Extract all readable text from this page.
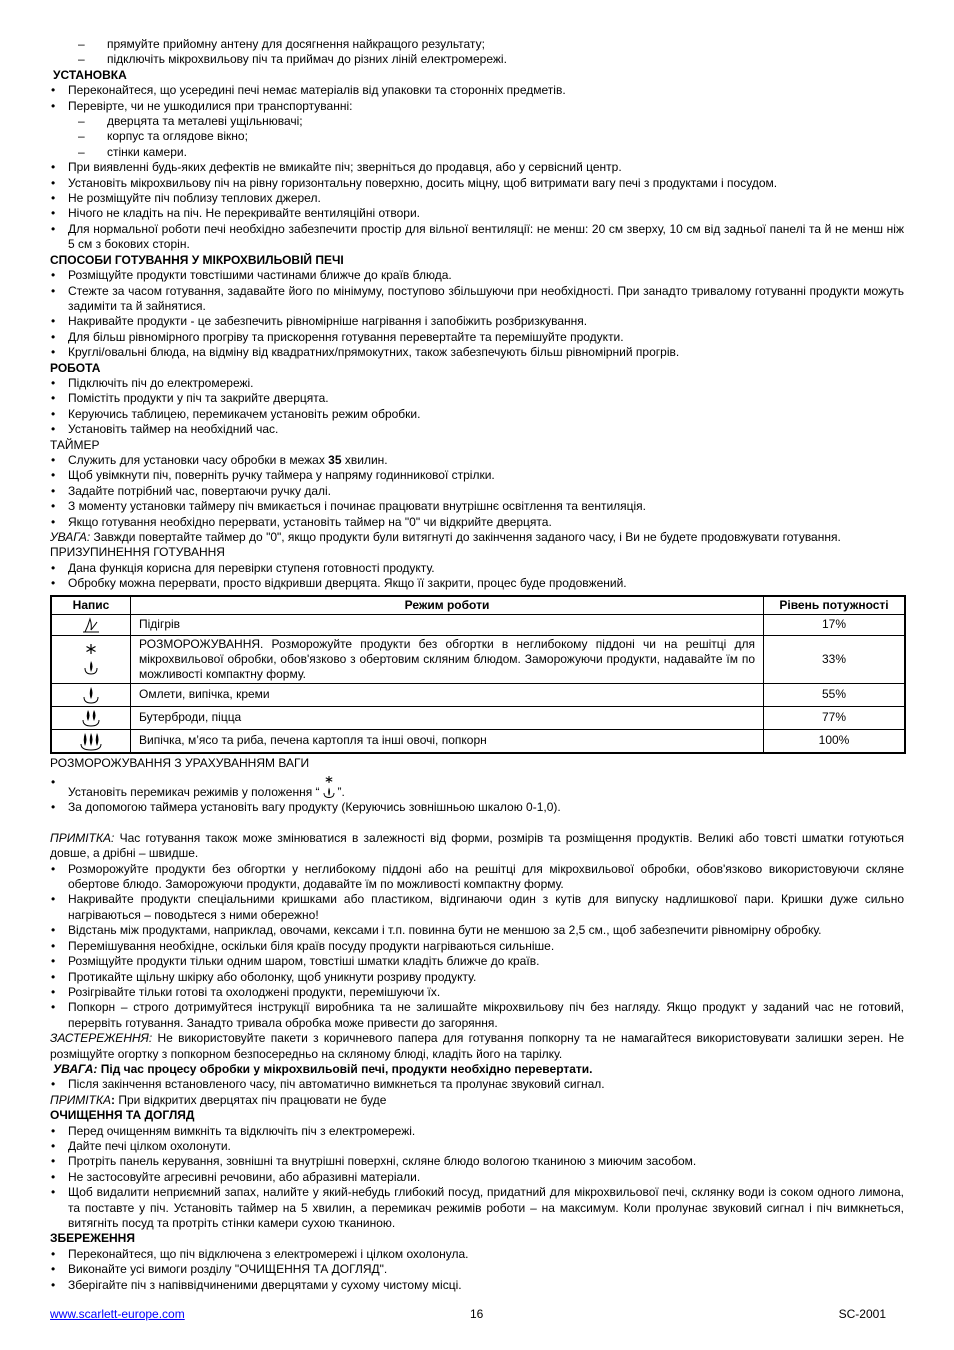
– прямуйте прийомну антену для досягнення найкращого результату;
– підключіть мікрохвильову піч та приймач до різних ліній електромережі.
УСТАНОВКА
• Переконайтеся, що усередині печі немає матеріалів від упаковки та сторонніх предметів.
• Перевірте, чи не ушкодилися при транспортуванні:
– дверцята та металеві ущільнювачі;
– корпус та оглядове вікно;
– стінки камери.
• При виявленні будь-яких дефектів не вмикайте піч; зверніться до продавця, або у сервісний центр.
• Установіть мікрохвильову піч на рівну горизонтальну поверхню, досить міцну, щоб витримати вагу печі з продуктами і посудом.
• Не розміщуйте піч поблизу теплових джерел.
• Нічого не кладіть на піч. Не перекривайте вентиляційні отвори.
• Для нормальної роботи печі необхідно забезпечити простір для вільної вентиляції: не менш: 20 см зверху, 10 см від задньої панелі та й не менш ніж 5 см з бокових сторін.
СПОСОБИ ГОТУВАННЯ У МІКРОХВИЛЬОВІЙ ПЕЧІ
• Розміщуйте продукти товстішими частинами ближче до країв блюда.
• Стежте за часом готування, задавайте його по мінімуму, поступово збільшуючи при необхідності. При занадто тривалому готуванні продукти можуть задиміти та й зайнятися.
• Накривайте продукти - це забезпечить рівномірніше нагрівання і запобіжить розбризкування.
• Для більш рівномірного прогріву та прискорення готування перевертайте та перемішуйте продукти.
• Круглі/овальні блюда, на відміну від квадратних/прямокутних, також забезпечують більш рівномірний прогрів.
РОБОТА
• Підключіть піч до електромережі.
• Помістіть продукти у піч та закрийте дверцята.
• Керуючись таблицею, перемикачем установіть режим обробки.
• Установіть таймер на необхідний час.
ТАЙМЕР
• Служить для установки часу обробки в межах 35 хвилин.
• Щоб увімкнути піч, поверніть ручку таймера у напряму годинникової стрілки.
• Задайте потрібний час, повертаючи ручку далі.
• З моменту установки таймеру піч вмикається і починає працювати внутрішнє освітлення та вентиляція.
• Якщо готування необхідно перервати, установіть таймер на "0" чи відкрийте дверцята.
УВАГА: Завжди повертайте таймер до "0", якщо продукти були витягнуті до закінчення заданого часу, і Ви не будете продовжувати готування.
ПРИЗУПИНЕННЯ ГОТУВАННЯ
• Дана функція корисна для перевірки ступеня готовності продукту.
• Обробку можна перервати, просто відкривши дверцята. Якщо її закрити, процес буде продовжений.
Напис	Режим роботи	Рівень потужності
	Підігрів	17%
	РОЗМОРОЖУВАННЯ. Розморожуйте продукти без обгортки в неглибокому піддоні чи на решітці для мікрохвильової обробки, обов'язково з обертовим скляним блюдом. Заморожуючи продукти, надавайте їм по можливості компактну форму.	33%
	Омлети, випічка, креми	55%
	Бутерброди, піцца	77%
	Випічка, м’ясо та риба, печена картопля та інші овочі, попкорн	100%
РОЗМОРОЖУВАННЯ З УРАХУВАННЯМ ВАГИ
• Установіть перемикач режимів у положення “ ”.
• За допомогою таймера установіть вагу продукту (Керуючись зовнішньою шкалою 0-1,0).
ПРИМІТКА: Час готування також може змінюватися в залежності від форми, розмірів та розміщення продуктів. Великі або товсті шматки готуються довше, а дрібні – швидше.
• Розморожуйте продукти без обгортки у неглибокому піддоні або на решітці для мікрохвильової обробки, обов'язково використовуючи скляне обертове блюдо. Заморожуючи продукти, додавайте їм по можливості компактну форму.
• Накривайте продукти спеціальними кришками або пластиком, відгинаючи один з кутів для випуску надлишкової пари. Кришки дуже сильно нагріваються – поводьтеся з ними обережно!
• Відстань між продуктами, наприклад, овочами, кексами і т.п. повинна бути не меншою за 2,5 см., щоб забезпечити рівномірну обробку.
• Перемішування необхідне, оскільки біля країв посуду продукти нагріваються сильніше.
• Розміщуйте продукти тільки одним шаром, товстіші шматки кладіть ближче до країв.
• Протикайте щільну шкірку або оболонку, щоб уникнути розриву продукту.
• Розігрівайте тільки готові та охолоджені продукти, перемішуючи їх.
• Попкорн – строго дотримуйтеся інструкції виробника та не залишайте мікрохвильову піч без нагляду. Якщо продукт у заданий час не готовий, перервіть готування. Занадто тривала обробка може привести до загоряння.
ЗАСТЕРЕЖЕННЯ: Не використовуйте пакети з коричневого папера для готування попкорну та не намагайтеся використовувати залишки зерен. Не розміщуйте огортку з попкорном безпосередньо на скляному блюді, кладіть його на тарілку.
УВАГА: Під час процесу обробки у мікрохвильовій печі, продукти необхідно перевертати.
• Після закінчення встановленого часу, піч автоматично вимкнеться та пролунає звуковий сигнал.
ПРИМІТКА: При відкритих дверцятах піч працювати не буде
ОЧИЩЕННЯ ТА ДОГЛЯД
• Перед очищенням вимкніть та відключіть піч з електромережі.
• Дайте печі цілком охолонути.
• Протріть панель керування, зовнішні та внутрішні поверхні, скляне блюдо вологою тканиною з миючим засобом.
• Не застосовуйте агресивні речовини, або абразивні матеріали.
• Щоб видалити неприємний запах, налийте у який-небудь глибокий посуд, придатний для мікрохвильової печі, склянку води із соком одного лимона, та поставте у піч. Установіть таймер на 5 хвилин, а перемикач режимів роботи – на максимум. Коли пролунає звуковий сигнал і піч вимкнеться, витягніть посуд та протріть стінки камери сухою тканиною.
ЗБЕРЕЖЕННЯ
• Переконайтеся, що піч відключена з електромережі і цілком охолонула.
• Виконайте усі вимоги розділу "ОЧИЩЕННЯ ТА ДОГЛЯД".
• Зберігайте піч з напіввідчиненими дверцятами у сухому чистому місці.
www.scarlett-europe.com	16	SC-2001
